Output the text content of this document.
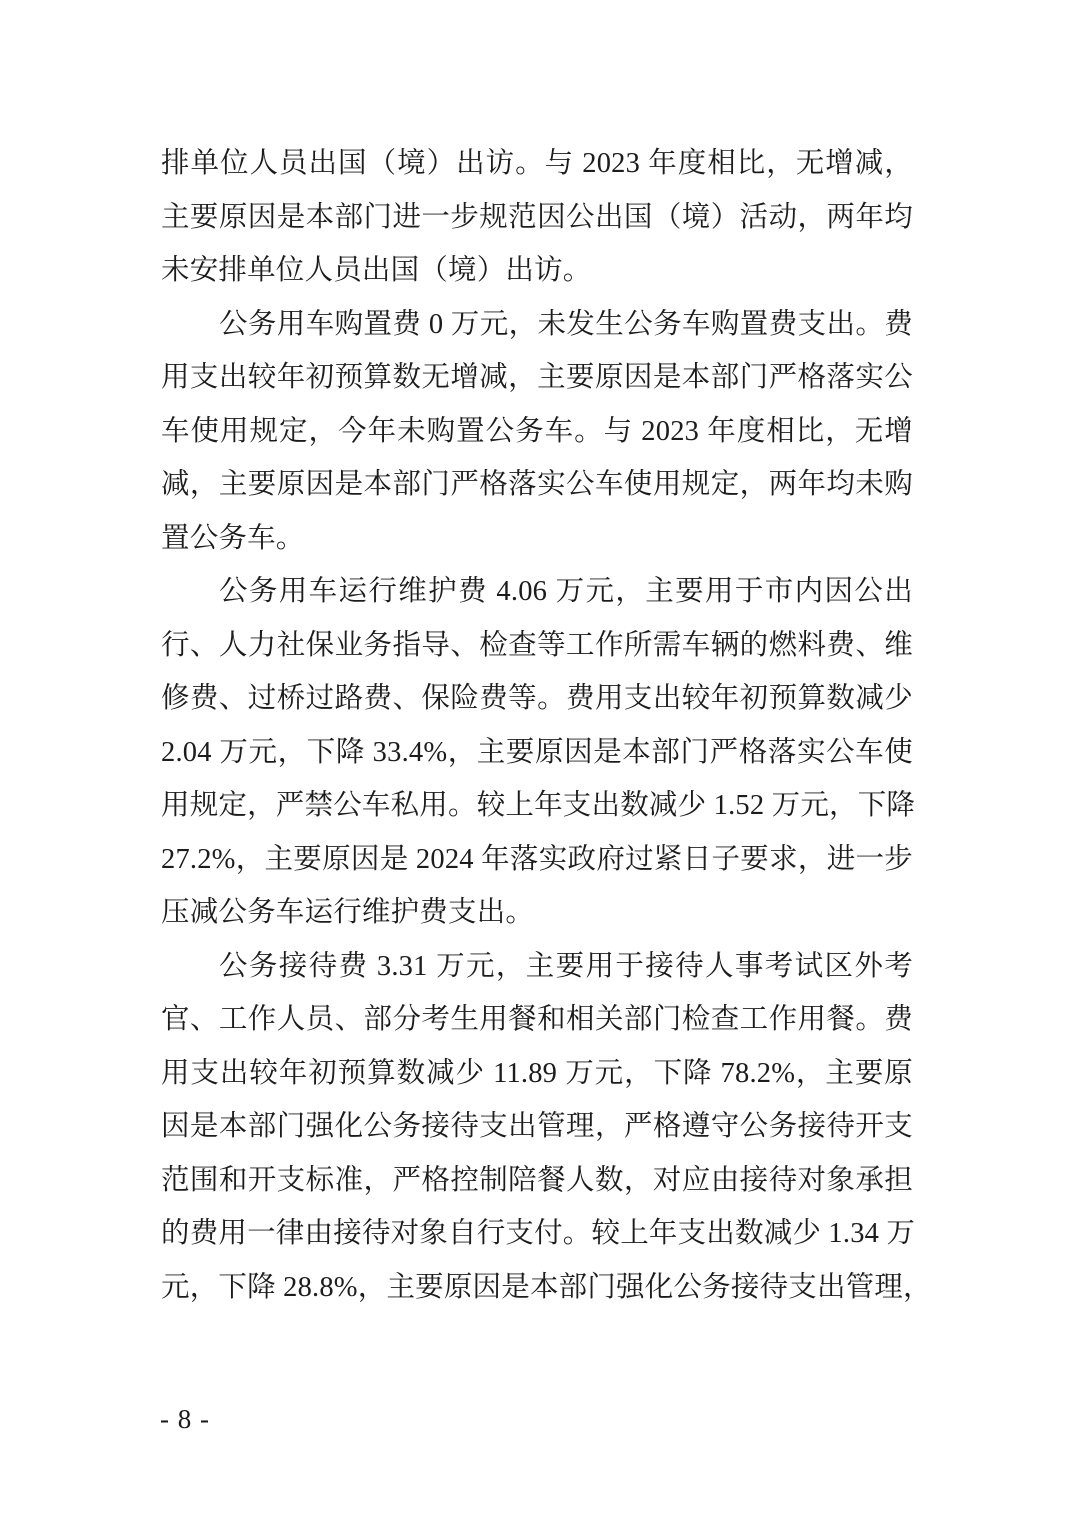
排单位人员出国（境）出访。与 2023 年度相比，无增减，
主要原因是本部门进一步规范因公出国（境）活动，两年均
未安排单位人员出国（境）出访。
公务用车购置费 0 万元，未发生公务车购置费支出。费
用支出较年初预算数无增减，主要原因是本部门严格落实公
车使用规定，今年未购置公务车。与 2023 年度相比，无增
减，主要原因是本部门严格落实公车使用规定，两年均未购
置公务车。
公务用车运行维护费 4.06 万元，主要用于市内因公出
行、人力社保业务指导、检查等工作所需车辆的燃料费、维
修费、过桥过路费、保险费等。费用支出较年初预算数减少
2.04 万元，下降 33.4%，主要原因是本部门严格落实公车使
用规定，严禁公车私用。较上年支出数减少 1.52 万元，下降
27.2%，主要原因是 2024 年落实政府过紧日子要求，进一步
压减公务车运行维护费支出。
公务接待费 3.31 万元，主要用于接待人事考试区外考
官、工作人员、部分考生用餐和相关部门检查工作用餐。费
用支出较年初预算数减少 11.89 万元，下降 78.2%，主要原
因是本部门强化公务接待支出管理，严格遵守公务接待开支
范围和开支标准，严格控制陪餐人数，对应由接待对象承担
的费用一律由接待对象自行支付。较上年支出数减少 1.34 万
元，下降 28.8%，主要原因是本部门强化公务接待支出管理，
- 8 -
